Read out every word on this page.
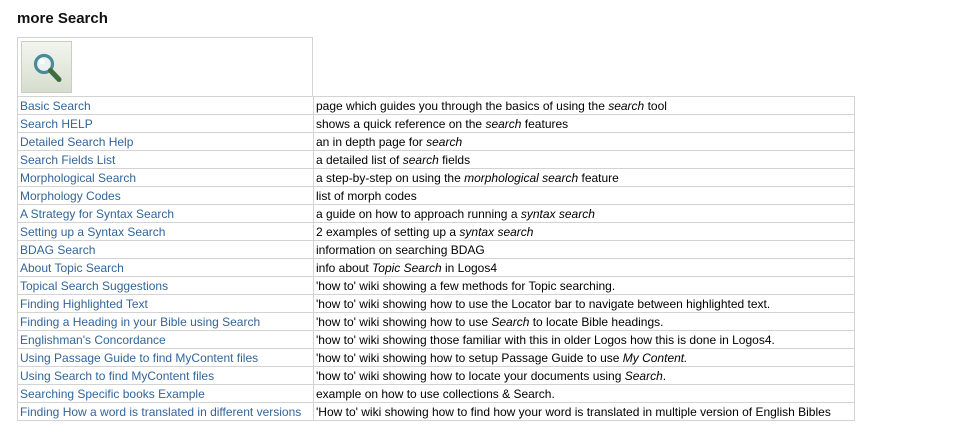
more Search
Basic Search	page which guides you through the basics of using the search tool
Search HELP	shows a quick reference on the search features
Detailed Search Help	an in depth page for search
Search Fields List	a detailed list of search fields
Morphological Search	a step-by-step on using the morphological search feature
Morphology Codes	list of morph codes
A Strategy for Syntax Search	a guide on how to approach running a syntax search
Setting up a Syntax Search	2 examples of setting up a syntax search
BDAG Search	information on searching BDAG
About Topic Search	info about Topic Search in Logos4
Topical Search Suggestions	'how to' wiki showing a few methods for Topic searching.
Finding Highlighted Text	'how to' wiki showing how to use the Locator bar to navigate between highlighted text.
Finding a Heading in your Bible using Search	'how to' wiki showing how to use Search to locate Bible headings.
Englishman's Concordance	'how to' wiki showing those familiar with this in older Logos how this is done in Logos4.
Using Passage Guide to find MyContent files	'how to' wiki showing how to setup Passage Guide to use My Content.
Using Search to find MyContent files	'how to' wiki showing how to locate your documents using Search.
Searching Specific books Example	example on how to use collections & Search.
Finding How a word is translated in different versions	'How to' wiki showing how to find how your word is translated in multiple version of English Bibles
